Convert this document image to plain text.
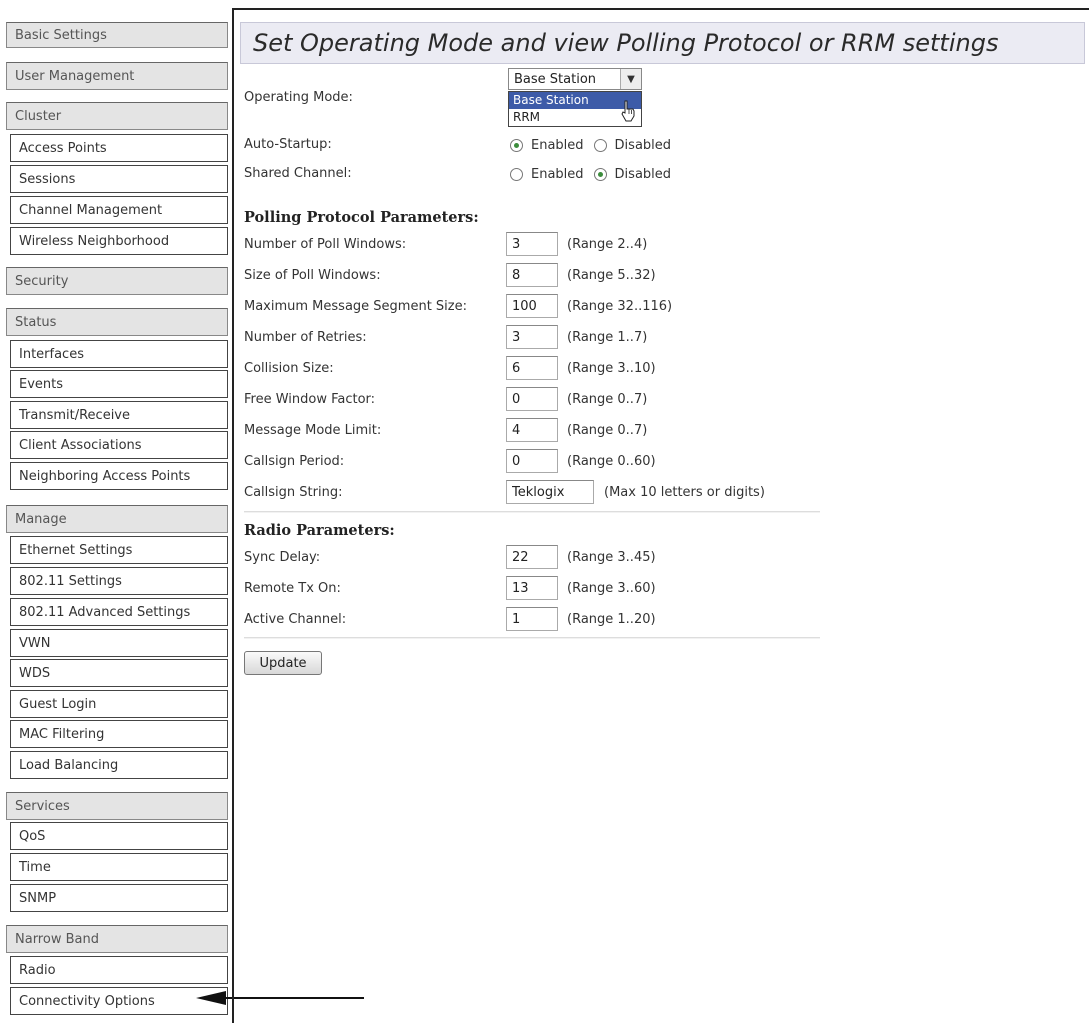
Basic Settings
User Management
Cluster
Access Points
Sessions
Channel Management
Wireless Neighborhood
Security
Status
Interfaces
Events
Transmit/Receive
Client Associations
Neighboring Access Points
Manage
Ethernet Settings
802.11 Settings
802.11 Advanced Settings
VWN
WDS
Guest Login
MAC Filtering
Load Balancing
Services
QoS
Time
SNMP
Narrow Band
Radio
Connectivity Options
Set Operating Mode and view Polling Protocol or RRM settings
Operating Mode:
Base Station	▼
Base Station
RRM
Auto-Startup:	Enabled Disabled
Shared Channel:	Enabled Disabled
Polling Protocol Parameters:
Number of Poll Windows:
3	(Range 2..4)
Size of Poll Windows:
8	(Range 5..32)
Maximum Message Segment Size:
100	(Range 32..116)
Number of Retries:
3	(Range 1..7)
Collision Size:
6	(Range 3..10)
Free Window Factor:
0	(Range 0..7)
Message Mode Limit:
4	(Range 0..7)
Callsign Period:
0	(Range 0..60)
Callsign String:
Teklogix	(Max 10 letters or digits)
Radio Parameters:
Sync Delay:
22	(Range 3..45)
Remote Tx On:
13	(Range 3..60)
Active Channel:
1	(Range 1..20)
Update
